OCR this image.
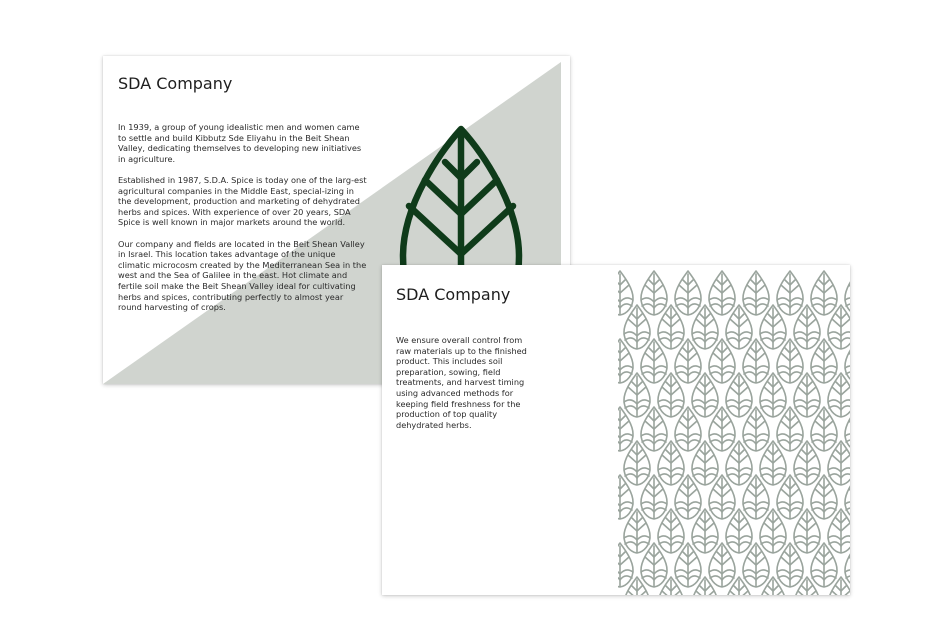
SDA Company

In 1939, a group of young idealistic men and women came to settle and build Kibbutz Sde Eliyahu in the Beit Shean Valley, dedicating themselves to developing new initiatives in agriculture.

Established in 1987, S.D.A. Spice is today one of the larg-est agricultural companies in the Middle East, special-izing in the development, production and marketing of dehydrated herbs and spices. With experience of over 20 years, SDA Spice is well known in major markets around the world.

Our company and fields are located in the Beit Shean Valley in Israel. This location takes advantage of the unique climatic microcosm created by the Mediterranean Sea in the west and the Sea of Galilee in the east. Hot climate and fertile soil make the Beit Shean Valley ideal for cultivating herbs and spices, contributing perfectly to almost year round harvesting of crops.

SDA Company

We ensure overall control from raw materials up to the finished product. This includes soil preparation, sowing, field treatments, and harvest timing using advanced methods for keeping field freshness for the production of top quality dehydrated herbs.
